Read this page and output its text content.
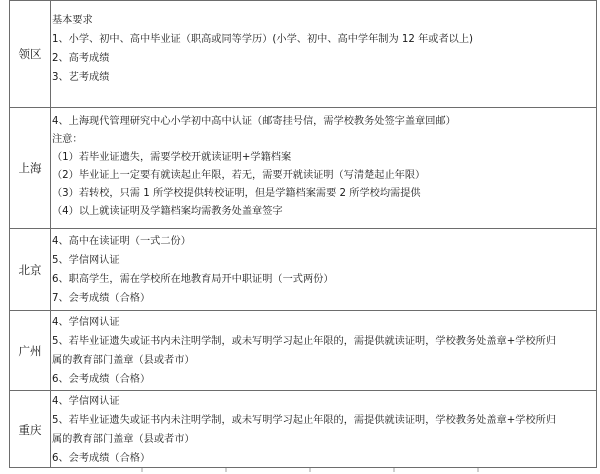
领区
基本要求
1、小学、初中、高中毕业证（职高或同等学历）(小学、初中、高中学年制为 12 年或者以上)
2、高考成绩
3、艺考成绩
上海
4、上海现代管理研究中心小学初中高中认证（邮寄挂号信，需学校教务处签字盖章回邮）
注意：
（1）若毕业证遗失，需要学校开就读证明+学籍档案
（2）毕业证上一定要有就读起止年限，若无，需要开就读证明（写清楚起止年限）
（3）若转校，只需 1 所学校提供转校证明，但是学籍档案需要 2 所学校均需提供
（4）以上就读证明及学籍档案均需教务处盖章签字
北京
4、高中在读证明（一式二份）
5、学信网认证
6、职高学生，需在学校所在地教育局开中职证明（一式两份）
7、会考成绩（合格）
广州
4、学信网认证
5、若毕业证遗失或证书内未注明学制，或未写明学习起止年限的，需提供就读证明，学校教务处盖章+学校所归
属的教育部门盖章（县或者市）
6、会考成绩（合格）
重庆
4、学信网认证
5、若毕业证遗失或证书内未注明学制，或未写明学习起止年限的，需提供就读证明，学校教务处盖章+学校所归
属的教育部门盖章（县或者市）
6、会考成绩（合格）
